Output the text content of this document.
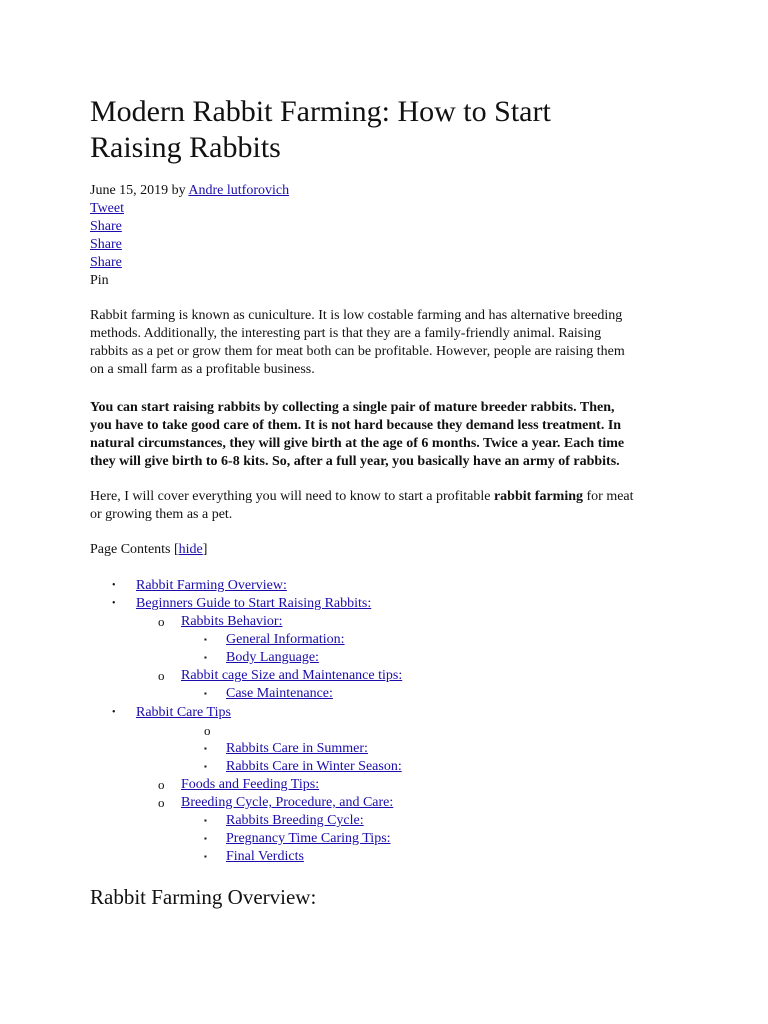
Modern Rabbit Farming: How to Start
Raising Rabbits
June 15, 2019 by Andre lutforovich
Tweet
Share
Share
Share
Pin

Rabbit farming is known as cuniculture. It is low costable farming and has alternative breeding
methods. Additionally, the interesting part is that they are a family-friendly animal. Raising
rabbits as a pet or grow them for meat both can be profitable. However, people are raising them
on a small farm as a profitable business.

You can start raising rabbits by collecting a single pair of mature breeder rabbits. Then,
you have to take good care of them. It is not hard because they demand less treatment. In
natural circumstances, they will give birth at the age of 6 months. Twice a year. Each time
they will give birth to 6-8 kits. So, after a full year, you basically have an army of rabbits.

Here, I will cover everything you will need to know to start a profitable rabbit farming for meat
or growing them as a pet.

Page Contents [hide]
• Rabbit Farming Overview:
• Beginners Guide to Start Raising Rabbits:
o Rabbits Behavior:
▪ General Information:
▪ Body Language:
o Rabbit cage Size and Maintenance tips:
▪ Case Maintenance:
• Rabbit Care Tips
o
▪ Rabbits Care in Summer:
▪ Rabbits Care in Winter Season:
o Foods and Feeding Tips:
o Breeding Cycle, Procedure, and Care:
▪ Rabbits Breeding Cycle:
▪ Pregnancy Time Caring Tips:
▪ Final Verdicts
Rabbit Farming Overview:
